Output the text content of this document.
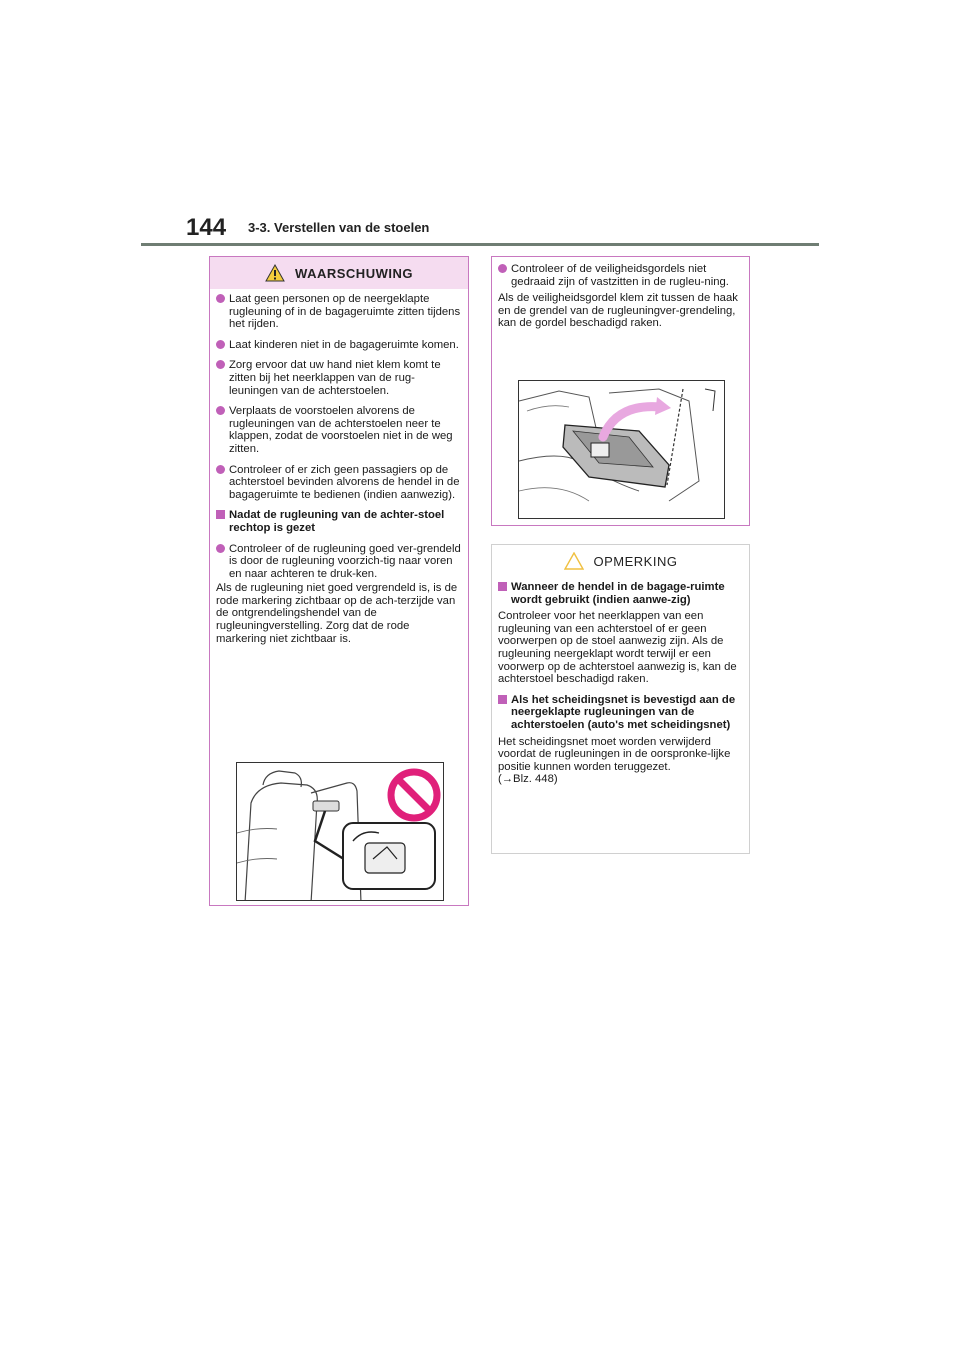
144 3-3. Verstellen van de stoelen
WAARSCHUWING
Laat geen personen op de neergeklapte rugleuning of in de bagageruimte zitten tijdens het rijden.
Laat kinderen niet in de bagageruimte komen.
Zorg ervoor dat uw hand niet klem komt te zitten bij het neerklappen van de rug-leuningen van de achterstoelen.
Verplaats de voorstoelen alvorens de rugleuningen van de achterstoelen neer te klappen, zodat de voorstoelen niet in de weg zitten.
Controleer of er zich geen passagiers op de achterstoel bevinden alvorens de hendel in de bagageruimte te bedienen (indien aanwezig).
Nadat de rugleuning van de achter-stoel rechtop is gezet
Controleer of de rugleuning goed ver-grendeld is door de rugleuning voorzich-tig naar voren en naar achteren te druk-ken.
Als de rugleuning niet goed vergrendeld is, is de rode markering zichtbaar op de ach-terzijde van de ontgrendelingshendel van de rugleuningverstelling. Zorg dat de rode markering niet zichtbaar is.
Controleer of de veiligheidsgordels niet gedraaid zijn of vastzitten in de rugleu-ning.
Als de veiligheidsgordel klem zit tussen de haak en de grendel van de rugleuningver-grendeling, kan de gordel beschadigd raken.
OPMERKING
Wanneer de hendel in de bagage-ruimte wordt gebruikt (indien aanwe-zig)
Controleer voor het neerklappen van een rugleuning van een achterstoel of er geen voorwerpen op de stoel aanwezig zijn. Als de rugleuning neergeklapt wordt terwijl er een voorwerp op de achterstoel aanwezig is, kan de achterstoel beschadigd raken.
Als het scheidingsnet is bevestigd aan de neergeklapte rugleuningen van de achterstoelen (auto's met scheidingsnet)
Het scheidingsnet moet worden verwijderd voordat de rugleuningen in de oorspronke-lijke positie kunnen worden teruggezet.
(→Blz. 448)
